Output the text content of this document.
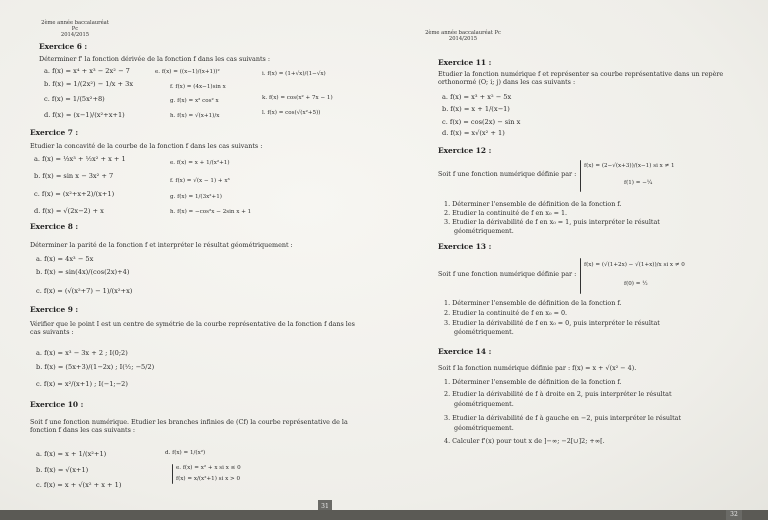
2ème année baccalauréat Pc
2014/2015
Exercice 6 :
Déterminer f' la fonction dérivée de la fonction f dans les cas suivants :
a. f(x) = x⁴ + x³ − 2x² − 7
b. f(x) = 1/(2x²) − 1/x + 3x
c. f(x) = 1/(5x²+8)
d. f(x) = (x−1)/(x²+x+1)
e. f(x) = ((x−1)/(x+1))²
f. f(x) = (4x−1)sin x
g. f(x) = x² cos² x
h. f(x) = √(x+1)/x
i. f(x) = (1+√x)/(1−√x)
k. f(x) = cos(x² + 7x − 1)
l. f(x) = cos(√(x²+5))
Exercice 7 :
Etudier la concavité de la courbe de la fonction f dans les cas suivants :
a. f(x) = ⅓x³ + ½x² + x + 1
b. f(x) = sin x − 3x² + 7
c. f(x) = (x²+x+2)/(x+1)
d. f(x) = √(2x−2) + x
e. f(x) = x + 1/(x²+1)
f. f(x) = √(x − 1) + x³
g. f(x) = 1/(3x²+1)
h. f(x) = −cos²x − 2sin x + 1
Exercice 8 :
Déterminer la parité de la fonction f et interpréter le résultat géométriquement :
a. f(x) = 4x³ − 5x
b. f(x) = sin(4x)/(cos(2x)+4)
c. f(x) = (√(x²+7) − 1)/(x²+x)
Exercice 9 :
Vérifier que le point I est un centre de symétrie de la courbe représentative de la fonction f dans les cas suivants :
a. f(x) = x³ − 3x + 2 ; I(0;2)
b. f(x) = (5x+3)/(1−2x) ; I(½; −5/2)
c. f(x) = x²/(x+1) ; I(−1;−2)
Exercice 10 :
Soit f une fonction numérique. Etudier les branches infinies de (Cf) la courbe représentative de la fonction f dans les cas suivants :
a. f(x) = x + 1/(x²+1)
b. f(x) = √(x+1)
c. f(x) = x + √(x² + x + 1)
d. f(x) = 1/(x²)
e. f(x) = x² + x si x ≤ 0
f(x) = x/(x²+1) si x > 0
31
2ème année baccalauréat Pc
2014/2015
Exercice 11 :
Etudier la fonction numérique f et représenter sa courbe représentative dans un repère orthonormé (O; i; j) dans les cas suivants :
a. f(x) = x³ + x² − 5x
b. f(x) = x + 1/(x−1)
c. f(x) = cos(2x) − sin x
d. f(x) = x√(x² + 1)
Exercice 12 :
Soit f une fonction numérique définie par :
f(x) = (2−√(x+3))/(x−1) si x ≠ 1
f(1) = −¼
1. Déterminer l'ensemble de définition de la fonction f.
2. Etudier la continuité de f en x₀ = 1.
3. Etudier la dérivabilité de f en x₀ = 1, puis interpréter le résultat
géométriquement.
Exercice 13 :
Soit f une fonction numérique définie par :
f(x) = (√(1+2x) − √(1+x))/x si x ≠ 0
f(0) = ½
1. Déterminer l'ensemble de définition de la fonction f.
2. Etudier la continuité de f en x₀ = 0.
3. Etudier la dérivabilité de f en x₀ = 0, puis interpréter le résultat
géométriquement.
Exercice 14 :
Soit f la fonction numérique définie par : f(x) = x + √(x² − 4).
1. Déterminer l'ensemble de définition de la fonction f.
2. Etudier la dérivabilité de f à droite en 2, puis interpréter le résultat
géométriquement.
3. Etudier la dérivabilité de f à gauche en −2, puis interpréter le résultat
géométriquement.
4. Calculer f'(x) pour tout x de ]−∞; −2[∪]2; +∞[.
32
